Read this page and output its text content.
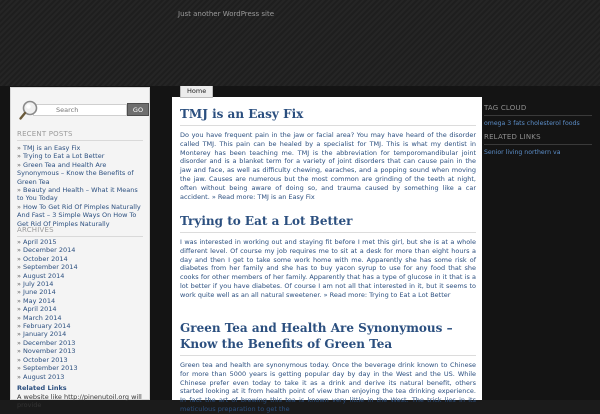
Just another WordPress site
Search
GO
RECENT POSTS
» TMJ is an Easy Fix
» Trying to Eat a Lot Better
» Green Tea and Health Are Synonymous – Know the Benefits of Green Tea
» Beauty and Health – What it Means to You Today
» How To Get Rid Of Pimples Naturally And Fast – 3 Simple Ways On How To Get Rid Of Pimples Naturally
ARCHIVES
» April 2015
» December 2014
» October 2014
» September 2014
» August 2014
» July 2014
» June 2014
» May 2014
» April 2014
» March 2014
» February 2014
» January 2014
» December 2013
» November 2013
» October 2013
» September 2013
» August 2013
Related Links
A website like http://pinenutoil.org will provide
Home
TMJ is an Easy Fix

Do you have frequent pain in the jaw or facial area? You may have heard of the disorder called TMJ. This pain can be healed by a specialist for TMJ. This is what my dentist in Monterey has been teaching me. TMJ is the abbreviation for temporomandibular joint disorder and is a blanket term for a variety of joint disorders that can cause pain in the jaw and face, as well as difficulty chewing, earaches, and a popping sound when moving the jaw. Causes are numerous but the most common are grinding of the teeth at night, often without being aware of doing so, and trauma caused by something like a car accident. » Read more: TMJ is an Easy Fix

Trying to Eat a Lot Better

I was interested in working out and staying fit before I met this girl, but she is at a whole different level. Of course my job requires me to sit at a desk for more than eight hours a day and then I get to take some work home with me. Apparently she has some risk of diabetes from her family and she has to buy yacon syrup to use for any food that she cooks for other members of her family. Apparently that has a type of glucose in it that is a lot better if you have diabetes. Of course I am not all that interested in it, but it seems to work quite well as an all natural sweetener. » Read more: Trying to Eat a Lot Better

Green Tea and Health Are Synonymous – Know the Benefits of Green Tea

Green tea and health are synonymous today. Once the beverage drink known to Chinese for more than 5000 years is getting popular day by day in the West and the US. While Chinese prefer even today to take it as a drink and derive its natural benefit, others started looking at it from health point of view than enjoying the tea drinking experience. In fact the art of brewing this tea is known very little in the West. The trick lies in its meticulous preparation to get the

TAG CLOUD
omega 3 fats cholesterol foods
RELATED LINKS
Senior living northern va
